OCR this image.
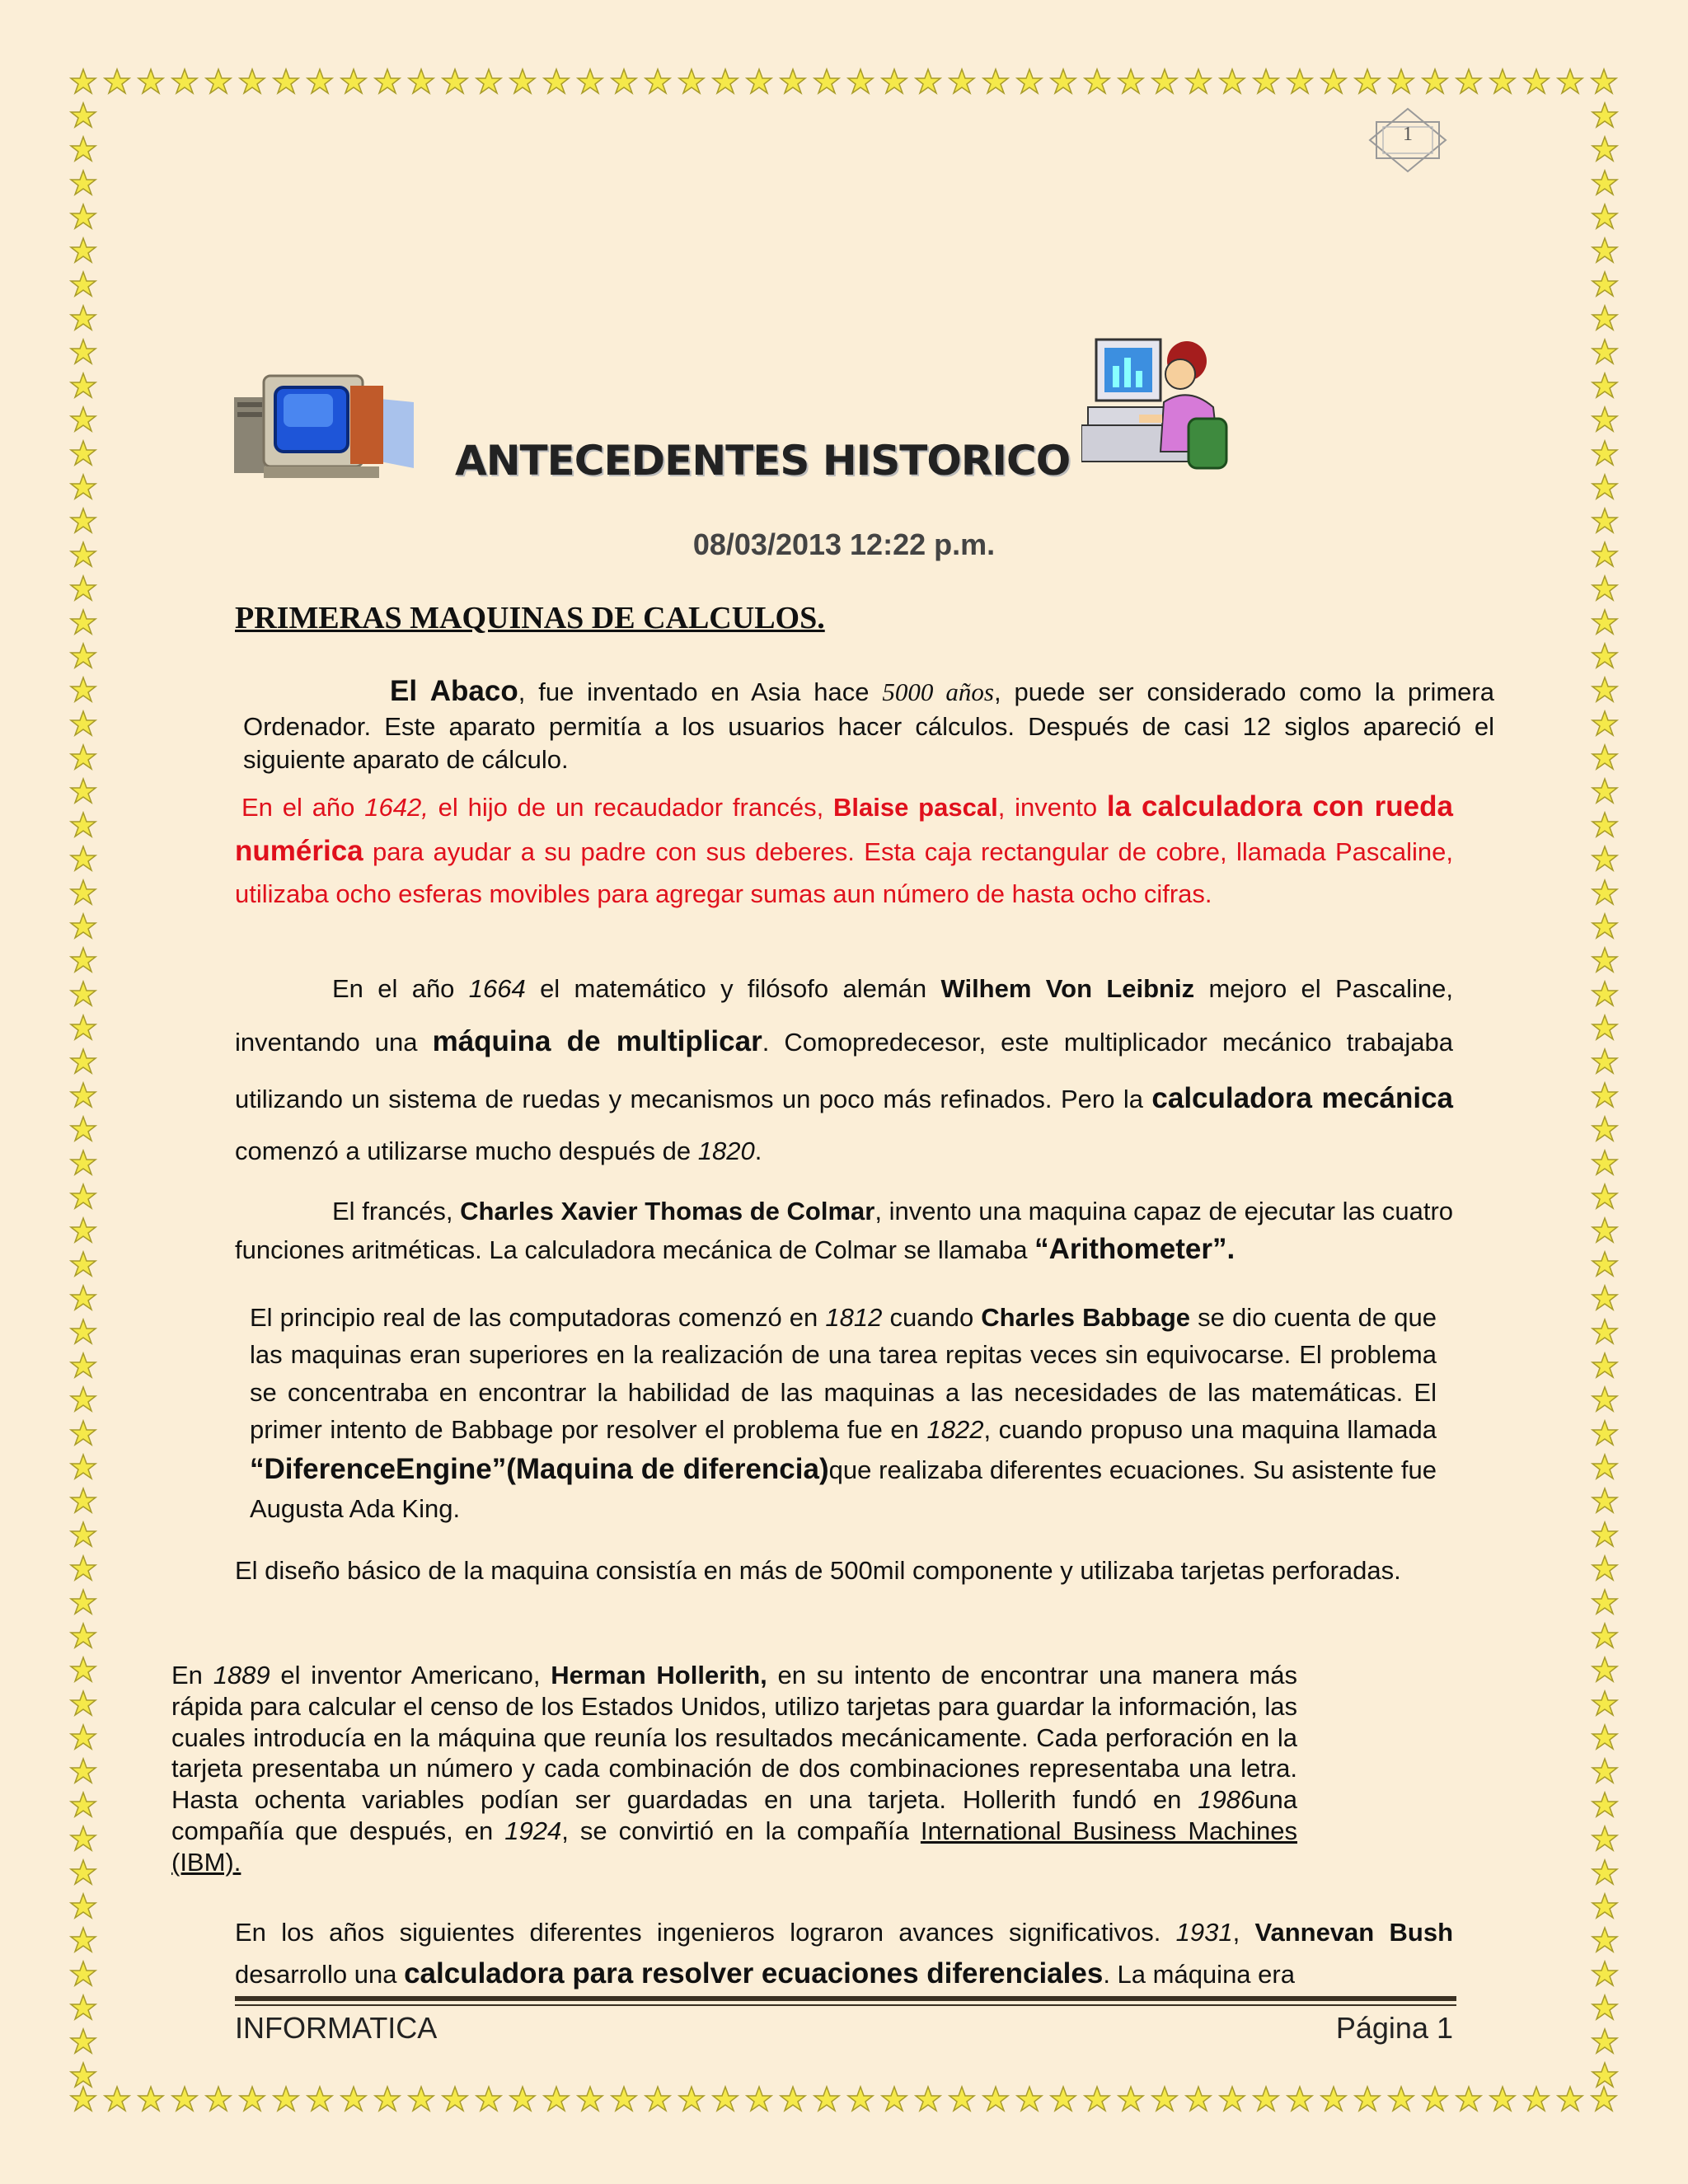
1
ANTECEDENTES HISTORICO
08/03/2013 12:22 p.m.
PRIMERAS MAQUINAS DE CALCULOS.
El Abaco, fue inventado en Asia hace 5000 años, puede ser considerado como la primera Ordenador. Este aparato permitía a los usuarios hacer cálculos. Después de casi 12 siglos apareció el siguiente aparato de cálculo.
En el año 1642, el hijo de un recaudador francés, Blaise pascal, invento la calculadora con rueda numérica para ayudar a su padre con sus deberes. Esta caja rectangular de cobre, llamada Pascaline, utilizaba ocho esferas movibles para agregar sumas aun número de hasta ocho cifras.
En el año 1664 el matemático y filósofo alemán Wilhem Von Leibniz mejoro el Pascaline, inventando una máquina de multiplicar. Comopredecesor, este multiplicador mecánico trabajaba utilizando un sistema de ruedas y mecanismos un poco más refinados. Pero la calculadora mecánica comenzó a utilizarse mucho después de 1820.
El francés, Charles Xavier Thomas de Colmar, invento una maquina capaz de ejecutar las cuatro funciones aritméticas. La calculadora mecánica de Colmar se llamaba “Arithometer”.
El principio real de las computadoras comenzó en 1812 cuando Charles Babbage se dio cuenta de que las maquinas eran superiores en la realización de una tarea repitas veces sin equivocarse. El problema se concentraba en encontrar la habilidad de las maquinas a las necesidades de las matemáticas. El primer intento de Babbage por resolver el problema fue en 1822, cuando propuso una maquina llamada “DiferenceEngine”(Maquina de diferencia)que realizaba diferentes ecuaciones. Su asistente fue Augusta Ada King.
El diseño básico de la maquina consistía en más de 500mil componente y utilizaba tarjetas perforadas.
En 1889 el inventor Americano, Herman Hollerith, en su intento de encontrar una manera más rápida para calcular el censo de los Estados Unidos, utilizo tarjetas para guardar la información, las cuales introducía en la máquina que reunía los resultados mecánicamente. Cada perforación en la tarjeta presentaba un número y cada combinación de dos combinaciones representaba una letra. Hasta ochenta variables podían ser guardadas en una tarjeta. Hollerith fundó en 1986una compañía que después, en 1924, se convirtió en la compañía International Business Machines (IBM).
En los años siguientes diferentes ingenieros lograron avances significativos. 1931, Vannevan Bush desarrollo una calculadora para resolver ecuaciones diferenciales. La máquina era
INFORMATICA	Página 1
